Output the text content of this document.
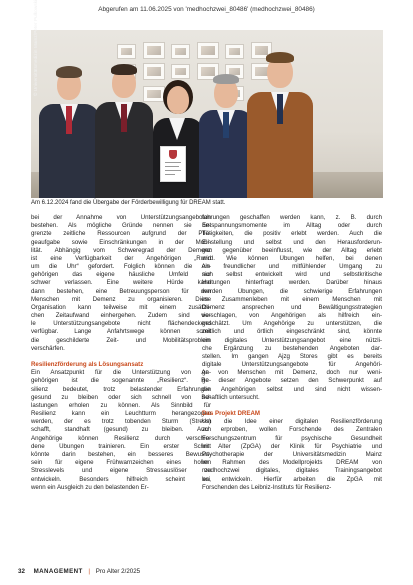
Abgerufen am 11.06.2025 von 'medhochzwei_80486' (medhochzwei_80486)
© Universitätsmedizin Mainz/Peter Pulkowski
Am 6.12.2024 fand die Übergabe der Förderbewilligung für DREAM statt.
bei der Annahme von Unterstützungsangeboten
bestehen. Als mögliche Gründe nennen sie be-
grenzte zeitliche Ressourcen aufgrund der Pfle-
geaufgabe sowie Einschränkungen in der Mobi-
lität. Abhängig vom Schweregrad der Demenz
ist eine Verfügbarkeit der Angehörigen „Rund
um die Uhr“ gefordert. Folglich können die An-
gehörigen das eigene häusliche Umfeld nur
schwer verlassen. Eine weitere Hürde kann
dann bestehen, eine Betreuungsperson für den
Menschen mit Demenz zu organisieren. Diese
Organisation kann teilweise mit einem zusätzli-
chen Zeitaufwand einhergehen. Zudem sind vie-
le Unterstützungsangebote nicht flächendeckend
verfügbar. Lange Anfahrtswege können somit
die geschilderte Zeit- und Mobilitätsproblem
verschärfen.
Resilienzförderung als Lösungsansatz
Ein Ansatzpunkt für die Unterstützung von An-
gehörigen ist die sogenannte „Resilienz“. Re-
silienz bedeutet, trotz belastender Erfahrungen
gesund zu bleiben oder sich schnell von Be-
lastungen erholen zu können. Als Sinnbild für
Resilienz kann ein Leuchtturm herangezogen
werden, der es trotz tobenden Sturm (Stress)
schafft, standhaft (gesund) zu bleiben. Auch
Angehörige können Resilienz durch verschie-
dene Übungen trainieren. Ein erster Schritt
könnte darin bestehen, ein besseres Bewusst-
sein für eigene Frühwarnzeichen eines hohen
Stresslevels und eigene Stressauslöser zu
entwickeln. Besonders hilfreich scheint es,
wenn ein Ausgleich zu den belastenden Er-
fahrungen geschaffen werden kann, z. B. durch
Entspannungsmomente im Alltag oder durch
Tätigkeiten, die positiv erlebt werden. Auch die
Einstellung und selbst und den Herausforderun-
gen gegenüber beeinflusst, wie der Alltag erlebt
wird. Wie können Übungen helfen, bei denen
ein freundlicher und mitfühlender Umgang zu
sich selbst entwickelt wird und selbstkritische
Haltungen hinterfragt werden. Darüber hinaus
werden Übungen, die schwierige Erfahrungen
im Zusammenleben mit einem Menschen mit
Demenz ansprechen und Bewältigungsstrategien
vorschlagen, von Angehörigen als hilfreich ein-
geschätzt. Um Angehörige zu unterstützen, die
zeitlich und örtlich eingeschränkt sind, könnte
ein digitales Unterstützungsangebot eine nützli-
che Ergänzung zu bestehenden Angeboten dar-
stellen. Im gangen Ajzg Stores gibt es bereits
digitale Unterstützungsangebote für Angehöri-
ge von Menschen mit Demenz, doch nur weni-
ge dieser Angebote setzen den Schwerpunkt auf
die Angehörigen selbst und sind nicht wissen-
schaftlich untersucht.
Das Projekt DREAM
Um die Idee einer digitalen Resilienzförderung
zu erproben, wollen Forschende des Zentralen
Forschungszentrum für psychische Gesundheit
im Alter (ZpGA) der Klinik für Psychiatrie und
Psychotherapie der Universitätsmedizin Mainz
im Rahmen des Modellprojekts DREAM von
medhochzwei digitales, digitales Trainingsangebot
bei entwickeln. Hierfür arbeiten die ZpGA mit
Forschenden des Leibniz-Instituts für Resilienz-
32 MANAGEMENT | Pro Alter 2/2025
